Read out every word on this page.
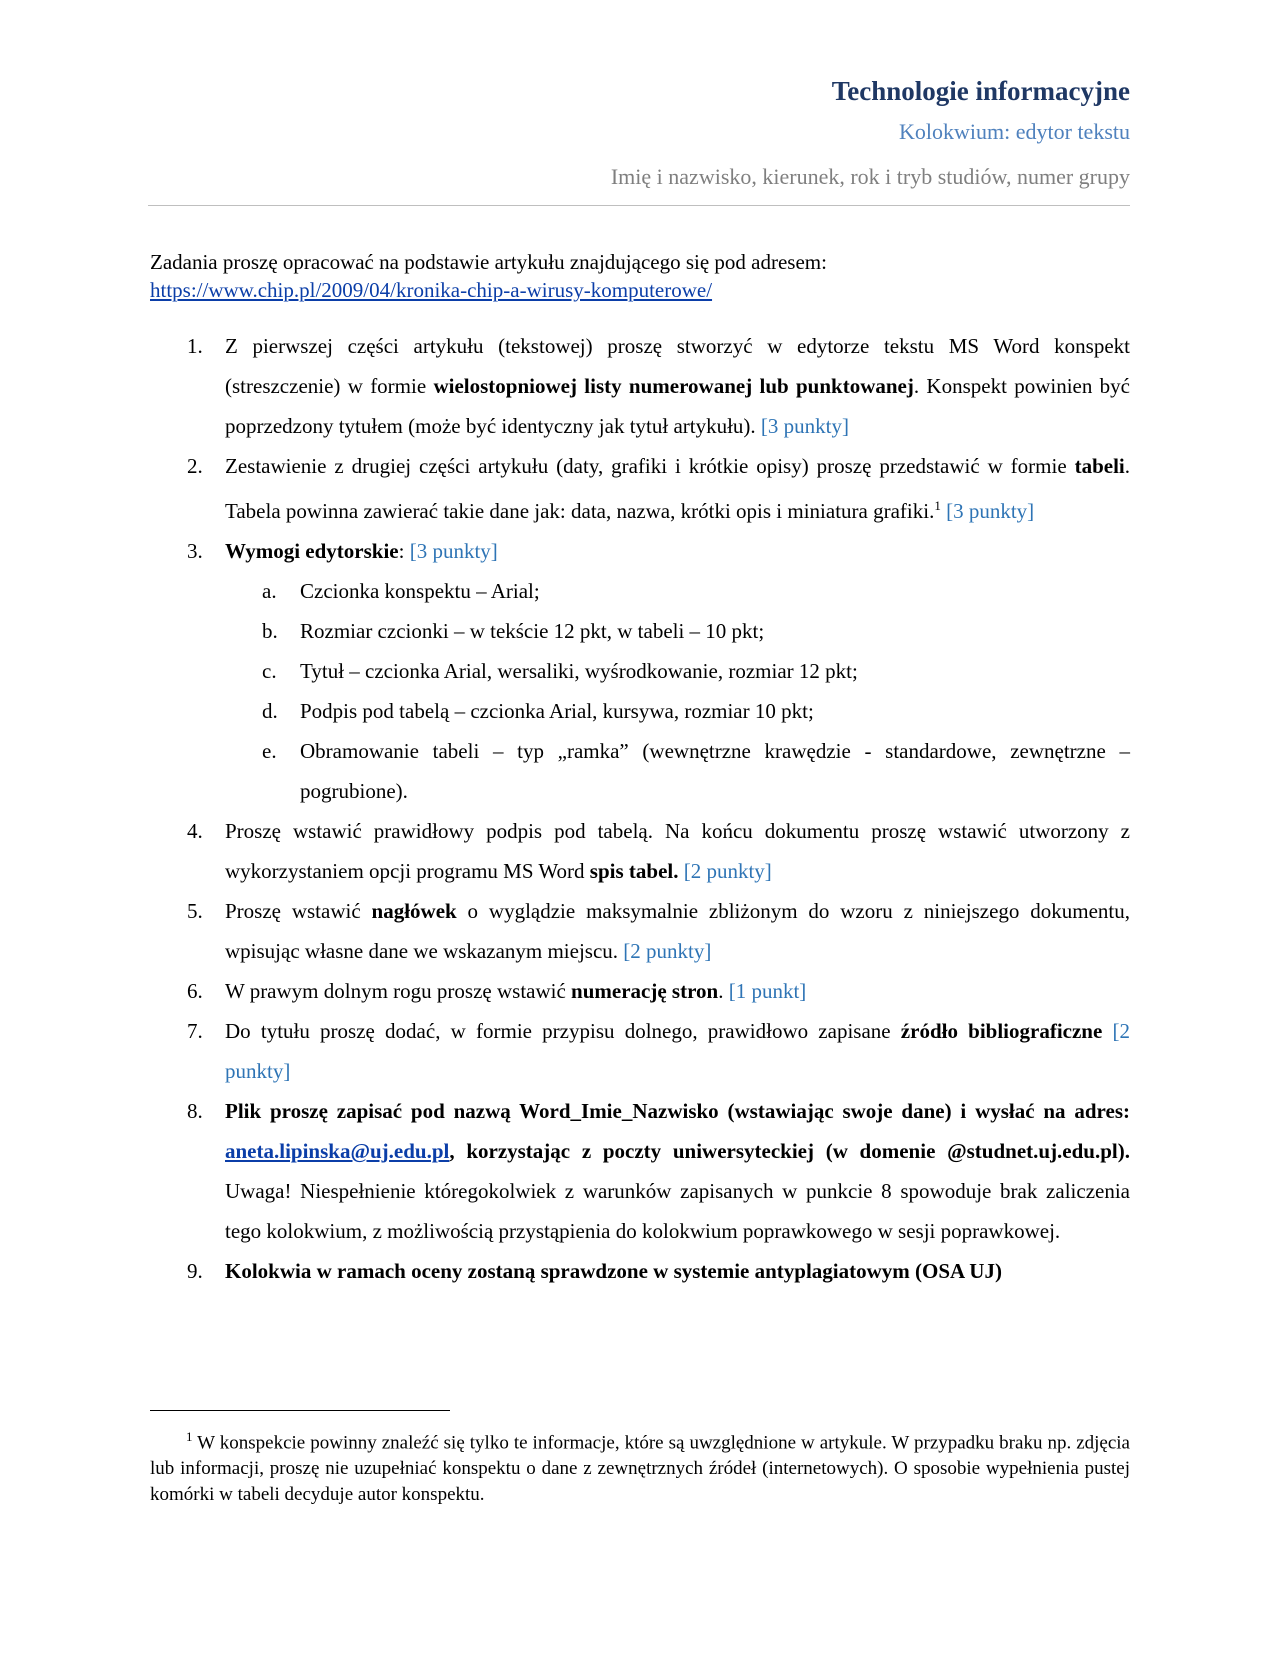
Technologie informacyjne
Kolokwium: edytor tekstu
Imię i nazwisko, kierunek, rok i tryb studiów, numer grupy
Zadania proszę opracować na podstawie artykułu znajdującego się pod adresem:
https://www.chip.pl/2009/04/kronika-chip-a-wirusy-komputerowe/
1. Z pierwszej części artykułu (tekstowej) proszę stworzyć w edytorze tekstu MS Word konspekt (streszczenie) w formie wielostopniowej listy numerowanej lub punktowanej. Konspekt powinien być poprzedzony tytułem (może być identyczny jak tytuł artykułu). [3 punkty]
2. Zestawienie z drugiej części artykułu (daty, grafiki i krótkie opisy) proszę przedstawić w formie tabeli. Tabela powinna zawierać takie dane jak: data, nazwa, krótki opis i miniatura grafiki.$^1$ [3 punkty]
3. Wymogi edytorskie: [3 punkty]
a. Czcionka konspektu – Arial;
b. Rozmiar czcionki – w tekście 12 pkt, w tabeli – 10 pkt;
c. Tytuł – czcionka Arial, wersaliki, wyśrodkowanie, rozmiar 12 pkt;
d. Podpis pod tabelą – czcionka Arial, kursywa, rozmiar 10 pkt;
e. Obramowanie tabeli – typ „ramka” (wewnętrzne krawędzie - standardowe, zewnętrzne – pogrubione).
4. Proszę wstawić prawidłowy podpis pod tabelą. Na końcu dokumentu proszę wstawić utworzony z wykorzystaniem opcji programu MS Word spis tabel. [2 punkty]
5. Proszę wstawić nagłówek o wyglądzie maksymalnie zbliżonym do wzoru z niniejszego dokumentu, wpisując własne dane we wskazanym miejscu. [2 punkty]
6. W prawym dolnym rogu proszę wstawić numerację stron. [1 punkt]
7. Do tytułu proszę dodać, w formie przypisu dolnego, prawidłowo zapisane źródło bibliograficzne [2 punkty]
8. Plik proszę zapisać pod nazwą Word_Imie_Nazwisko (wstawiając swoje dane) i wysłać na adres: aneta.lipinska@uj.edu.pl, korzystając z poczty uniwersyteckiej (w domenie @studnet.uj.edu.pl). Uwaga! Niespełnienie któregokolwiek z warunków zapisanych w punkcie 8 spowoduje brak zaliczenia tego kolokwium, z możliwością przystąpienia do kolokwium poprawkowego w sesji poprawkowej.
9. Kolokwia w ramach oceny zostaną sprawdzone w systemie antyplagiatowym (OSA UJ)
$^1$ W konspekcie powinny znaleźć się tylko te informacje, które są uwzględnione w artykule. W przypadku braku np. zdjęcia lub informacji, proszę nie uzupełniać konspektu o dane z zewnętrznych źródeł (internetowych). O sposobie wypełnienia pustej komórki w tabeli decyduje autor konspektu.
